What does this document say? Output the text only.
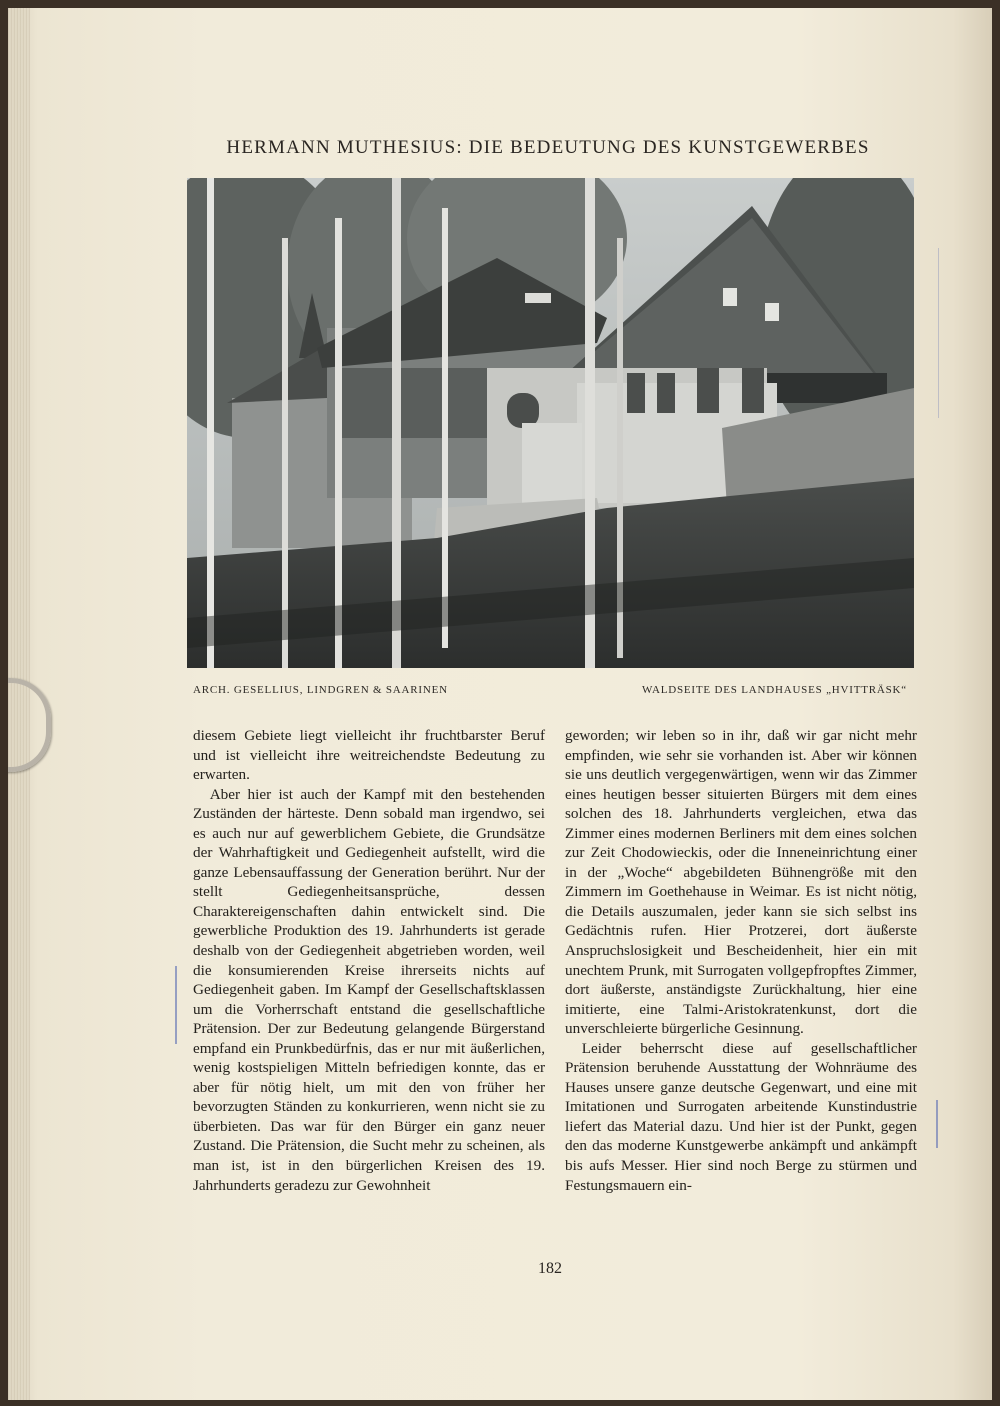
HERMANN MUTHESIUS: DIE BEDEUTUNG DES KUNSTGEWERBES
ARCH. GESELLIUS, LINDGREN & SAARINEN	WALDSEITE DES LANDHAUSES „HVITTRÄSK“

diesem Gebiete liegt vielleicht ihr fruchtbarster Beruf und ist vielleicht ihre weitreichendste Bedeutung zu erwarten.

Aber hier ist auch der Kampf mit den bestehenden Zuständen der härteste. Denn sobald man irgendwo, sei es auch nur auf gewerblichem Gebiete, die Grundsätze der Wahrhaftigkeit und Gediegenheit aufstellt, wird die ganze Lebensauffassung der Generation berührt. Nur der stellt Gediegenheitsansprüche, dessen Charaktereigenschaften dahin entwickelt sind. Die gewerbliche Produktion des 19. Jahrhunderts ist gerade deshalb von der Gediegenheit abgetrieben worden, weil die konsumierenden Kreise ihrerseits nichts auf Gediegenheit gaben. Im Kampf der Gesellschaftsklassen um die Vorherrschaft entstand die gesellschaftliche Prätension. Der zur Bedeutung gelangende Bürgerstand empfand ein Prunkbedürfnis, das er nur mit äußerlichen, wenig kostspieligen Mitteln befriedigen konnte, das er aber für nötig hielt, um mit den von früher her bevorzugten Ständen zu konkurrieren, wenn nicht sie zu überbieten. Das war für den Bürger ein ganz neuer Zustand. Die Prätension, die Sucht mehr zu scheinen, als man ist, ist in den bürgerlichen Kreisen des 19. Jahrhunderts geradezu zur Gewohnheit

geworden; wir leben so in ihr, daß wir gar nicht mehr empfinden, wie sehr sie vorhanden ist. Aber wir können sie uns deutlich vergegenwärtigen, wenn wir das Zimmer eines heutigen besser situierten Bürgers mit dem eines solchen des 18. Jahrhunderts vergleichen, etwa das Zimmer eines modernen Berliners mit dem eines solchen zur Zeit Chodowieckis, oder die Inneneinrichtung einer in der „Woche“ abgebildeten Bühnengröße mit den Zimmern im Goethehause in Weimar. Es ist nicht nötig, die Details auszumalen, jeder kann sie sich selbst ins Gedächtnis rufen. Hier Protzerei, dort äußerste Anspruchslosigkeit und Bescheidenheit, hier ein mit unechtem Prunk, mit Surrogaten vollgepfropftes Zimmer, dort äußerste, anständigste Zurückhaltung, hier eine imitierte, eine Talmi-Aristokratenkunst, dort die unverschleierte bürgerliche Gesinnung.

Leider beherrscht diese auf gesellschaftlicher Prätension beruhende Ausstattung der Wohnräume des Hauses unsere ganze deutsche Gegenwart, und eine mit Imitationen und Surrogaten arbeitende Kunstindustrie liefert das Material dazu. Und hier ist der Punkt, gegen den das moderne Kunstgewerbe ankämpft und ankämpft bis aufs Messer. Hier sind noch Berge zu stürmen und Festungsmauern ein-

182
